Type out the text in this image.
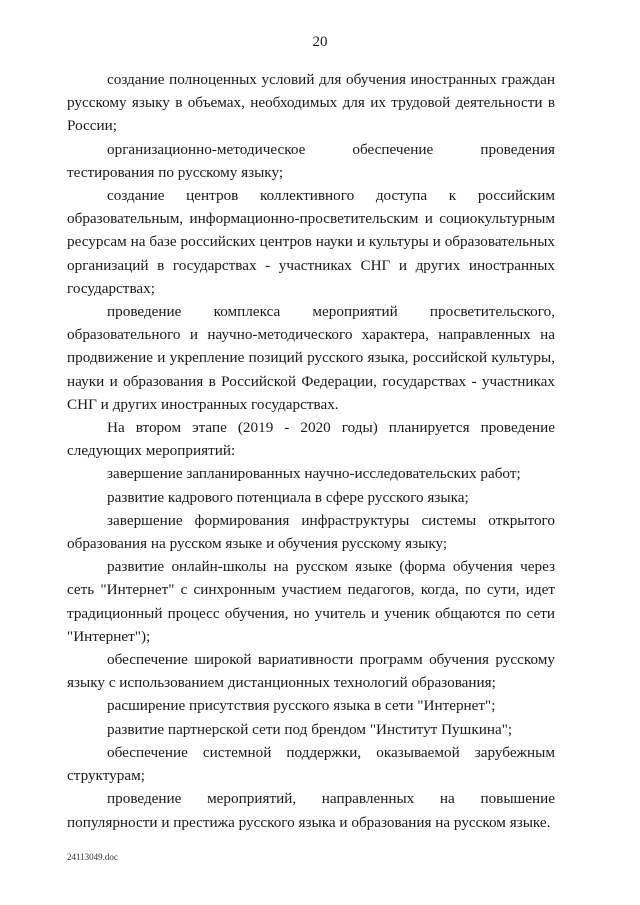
20

создание полноценных условий для обучения иностранных граждан русскому языку в объемах, необходимых для их трудовой деятельности в России;

организационно-методическое обеспечение проведения тестирования по русскому языку;

создание центров коллективного доступа к российским образовательным, информационно-просветительским и социокультурным ресурсам на базе российских центров науки и культуры и образовательных организаций в государствах - участниках СНГ и других иностранных государствах;

проведение комплекса мероприятий просветительского, образовательного и научно-методического характера, направленных на продвижение и укрепление позиций русского языка, российской культуры, науки и образования в Российской Федерации, государствах - участниках СНГ и других иностранных государствах.

На втором этапе (2019 - 2020 годы) планируется проведение следующих мероприятий:

завершение запланированных научно-исследовательских работ;

развитие кадрового потенциала в сфере русского языка;

завершение формирования инфраструктуры системы открытого образования на русском языке и обучения русскому языку;

развитие онлайн-школы на русском языке (форма обучения через сеть "Интернет" с синхронным участием педагогов, когда, по сути, идет традиционный процесс обучения, но учитель и ученик общаются по сети "Интернет");

обеспечение широкой вариативности программ обучения русскому языку с использованием дистанционных технологий образования;

расширение присутствия русского языка в сети "Интернет";

развитие партнерской сети под брендом "Институт Пушкина";

обеспечение системной поддержки, оказываемой зарубежным структурам;

проведение мероприятий, направленных на повышение популярности и престижа русского языка и образования на русском языке.

24113049.doc
